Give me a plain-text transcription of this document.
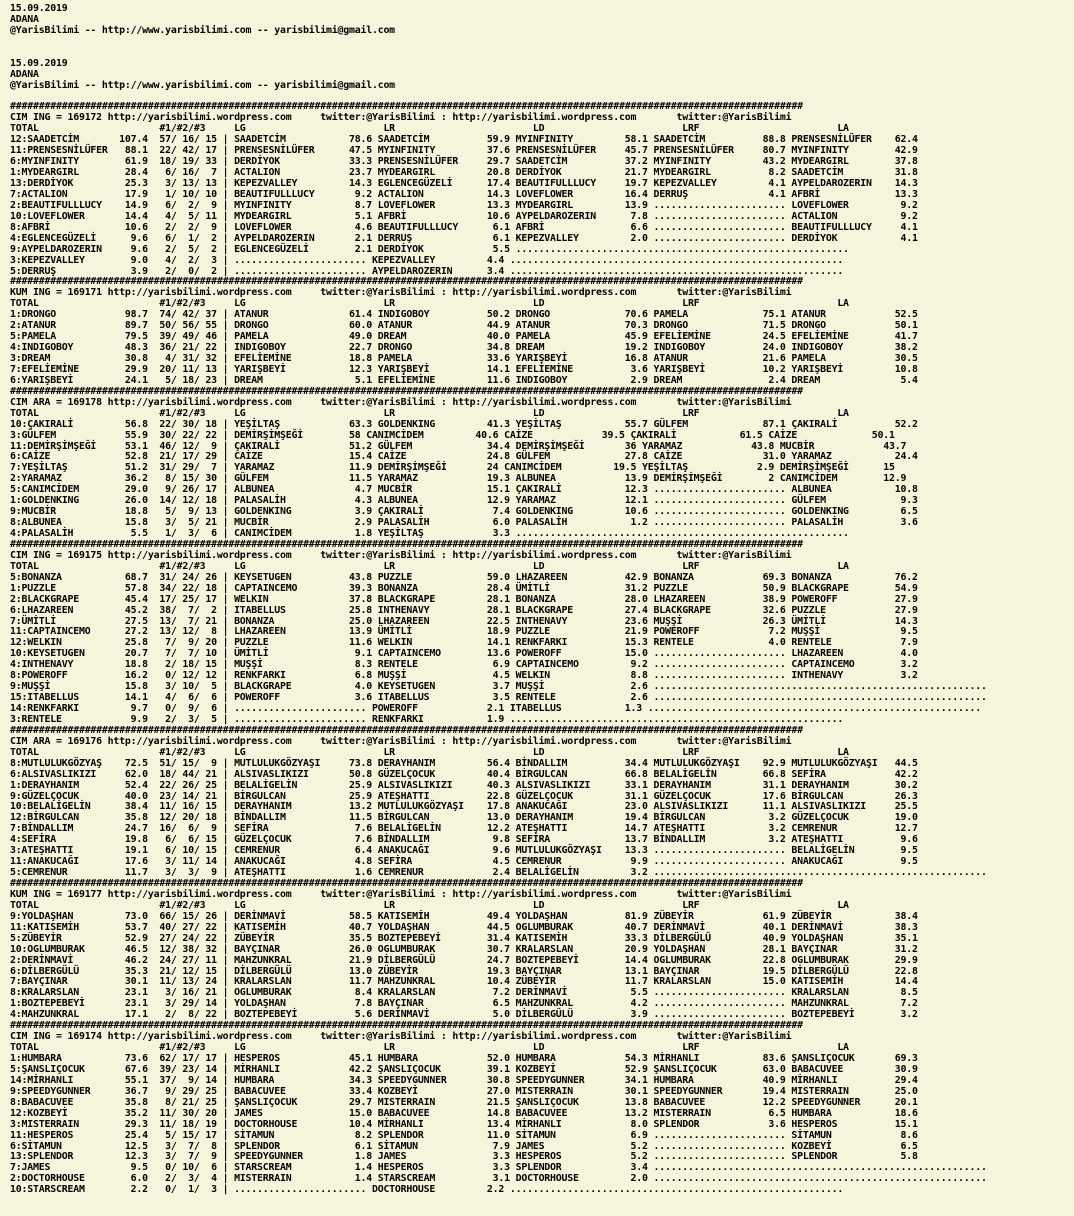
15.09.2019
ADANA
@YarisBilimi -- http://www.yarisbilimi.com -- yarisbilimi@gmail.com
15.09.2019
ADANA
@YarisBilimi -- http://www.yarisbilimi.com -- yarisbilimi@gmail.com
##########################################################################################################################################
CIM ING = 169172 http://yarisbilimi.wordpress.com     twitter:@YarisBilimi : http://yarisbilimi.wordpress.com       twitter:@YarisBilimi
TOTAL                     #1/#2/#3     LG                        LR                        LD                        LRF                        LA
12:SAADETCİM       107.4  57/ 16/ 15 | SAADETCİM           78.6 SAADETCİM          59.9 MYINFINITY         58.1 SAADETCİM          88.8 PRENSESNİLÜFER    62.4
11:PRENSESNİLÜFER   88.1  22/ 42/ 17 | PRENSESNİLÜFER      47.5 MYINFINITY         37.6 PRENSESNİLÜFER     45.7 PRENSESNİLÜFER     80.7 MYINFINITY        42.9
6:MYINFINITY        61.9  18/ 19/ 33 | DERDİYOK            33.3 PRENSESNİLÜFER     29.7 SAADETCİM          37.2 MYINFINITY         43.2 MYDEARGIRL        37.8
1:MYDEARGIRL        28.4   6/ 16/  7 | ACTALION            23.7 MYDEARGIRL         20.8 DERDİYOK           21.7 MYDEARGIRL          8.2 SAADETCİM         31.8
13:DERDİYOK         25.3   3/ 13/ 13 | KEPEZVALLEY         14.3 EGLENCEGÜZELİ      17.4 BEAUTIFULLLUCY     19.7 KEPEZVALLEY         4.1 AYPELDAROZERIN    14.3
7:ACTALION          17.9   1/ 10/ 10 | BEAUTIFULLLUCY       9.2 ACTALION           14.3 LOVEFLOWER         16.4 DERRUŞ              4.1 AFBRİ             13.3
2:BEAUTIFULLLUCY    14.9   6/  2/  9 | MYINFINITY           8.7 LOVEFLOWER         13.3 MYDEARGIRL         13.9 ....................... LOVEFLOWER         9.2
10:LOVEFLOWER       14.4   4/  5/ 11 | MYDEARGIRL           5.1 AFBRİ              10.6 AYPELDAROZERIN      7.8 ....................... ACTALION           9.2
8:AFBRİ             10.6   2/  2/  9 | LOVEFLOWER           4.6 BEAUTIFULLLUCY      6.1 AFBRİ               6.6 ....................... BEAUTIFULLLUCY     4.1
4:EGLENCEGÜZELİ      9.6   6/  1/  2 | AYPELDAROZERIN       2.1 DERRUŞ              6.1 KEPEZVALLEY         2.0 ....................... DERDİYOK           4.1
9:AYPELDAROZERIN     9.6   2/  5/  2 | EGLENCEGÜZELİ        2.1 DERDİYOK            5.5 ..........................................................
3:KEPEZVALLEY        9.0   4/  2/  3 | ....................... KEPEZVALLEY         4.4 ..........................................................
5:DERRUŞ             3.9   2/  0/  2 | ....................... AYPELDAROZERIN      3.4 ..........................................................
##########################################################################################################################################
KUM ING = 169171 http://yarisbilimi.wordpress.com     twitter:@YarisBilimi : http://yarisbilimi.wordpress.com       twitter:@YarisBilimi
TOTAL                     #1/#2/#3     LG                        LR                        LD                        LRF                        LA
1:DRONGO            98.7  74/ 42/ 37 | ATANUR              61.4 INDIGOBOY          50.2 DRONGO             70.6 PAMELA             75.1 ATANUR            52.5
2:ATANUR            89.7  50/ 56/ 55 | DRONGO              60.0 ATANUR             44.9 ATANUR             70.3 DRONGO             71.5 DRONGO            50.1
5:PAMELA            79.5  39/ 49/ 46 | PAMELA              49.0 DREAM              40.0 PAMELA             45.9 EFELİEMİNE         24.5 EFELİEMİNE        41.7
4:INDIGOBOY         48.3  36/ 21/ 22 | INDIGOBOY           22.7 DRONGO             34.8 DREAM              19.2 INDIGOBOY          24.0 INDIGOBOY         38.2
3:DREAM             30.8   4/ 31/ 32 | EFELİEMİNE          18.8 PAMELA             33.6 YARIŞBEYİ          16.8 ATANUR             21.6 PAMELA            30.5
7:EFELİEMİNE        29.9  20/ 11/ 13 | YARIŞBEYİ           12.3 YARIŞBEYİ          14.1 EFELİEMİNE          3.6 YARIŞBEYİ          10.2 YARIŞBEYİ         10.8
6:YARIŞBEYİ         24.1   5/ 18/ 23 | DREAM                5.1 EFELİEMİNE         11.6 INDIGOBOY           2.9 DREAM               2.4 DREAM              5.4
##########################################################################################################################################
CIM ARA = 169178 http://yarisbilimi.wordpress.com     twitter:@YarisBilimi : http://yarisbilimi.wordpress.com       twitter:@YarisBilimi
TOTAL                     #1/#2/#3     LG                        LR                        LD                        LRF                        LA
10:ÇAKIRALİ         56.8  22/ 30/ 18 | YEŞİLTAŞ            63.3 GOLDENKING         41.3 YEŞİLTAŞ           55.7 GÜLFEM             87.1 ÇAKIRALİ          52.2
3:GÜLFEM            55.9  30/ 22/ 22 | DEMİRŞİMŞEĞİ        58 CANIMCİDEM         40.6 CAİZE            39.5 ÇAKIRALİ           61.5 CAİZE             50.1
11:DEMİRŞİMŞEĞİ     53.1  46/ 12/  9 | ÇAKIRALİ            51.2 GÜLFEM             34.4 DEMİRŞİMŞEĞİ       36 YARAMAZ            43.8 MUCBİR            43.7
6:CAİZE             52.8  21/ 17/ 29 | CAİZE               15.4 CAİZE              24.8 GÜLFEM             27.8 CAİZE              31.0 YARAMAZ           24.4
7:YEŞİLTAŞ          51.2  31/ 29/  7 | YARAMAZ             11.9 DEMİRŞİMŞEĞİ       24 CANIMCİDEM         19.5 YEŞİLTAŞ            2.9 DEMİRŞİMŞEĞİ      15
2:YARAMAZ           36.2   8/ 15/ 30 | GÜLFEM              11.5 YARAMAZ            19.3 ALBUNEA            13.9 DEMİRŞİMŞEĞİ        2 CANIMCİDEM        12.9
5:CANIMCİDEM        29.0   9/ 26/ 17 | ALBUNEA              4.7 MUCBİR             15.1 ÇAKIRALİ           12.3 ....................... ALBUNEA           10.8
1:GOLDENKING        26.0  14/ 12/ 18 | PALASALİH            4.3 ALBUNEA            12.9 YARAMAZ            12.1 ....................... GÜLFEM             9.3
9:MUCBİR            18.8   5/  9/ 13 | GOLDENKING           3.9 ÇAKIRALİ            7.4 GOLDENKING         10.6 ....................... GOLDENKING         6.5
8:ALBUNEA           15.8   3/  5/ 21 | MUCBİR               2.9 PALASALİH           6.0 PALASALİH           1.2 ....................... PALASALİH          3.6
4:PALASALİH          5.5   1/  3/  6 | CANIMCİDEM           1.8 YEŞİLTAŞ            3.3 ..........................................................
##########################################################################################################################################
CIM ING = 169175 http://yarisbilimi.wordpress.com     twitter:@YarisBilimi : http://yarisbilimi.wordpress.com       twitter:@YarisBilimi
TOTAL                     #1/#2/#3     LG                        LR                        LD                        LRF                        LA
5:BONANZA           68.7  31/ 24/ 26 | KEYSETUGEN          43.8 PUZZLE             59.0 LHAZAREEN          42.9 BONANZA            69.3 BONANZA           76.2
1:PUZZLE            57.8  34/ 22/ 18 | CAPTAINCEMO         39.3 BONANZA            28.4 ÜMİTLİ             31.2 PUZZLE             50.9 BLACKGRAPE        54.9
2:BLACKGRAPE        45.4  17/ 25/ 17 | WELKIN              37.8 BLACKGRAPE         28.1 BONANZA            28.0 LHAZAREEN          38.9 POWEROFF          27.9
6:LHAZAREEN         45.2  38/  7/  2 | ITABELLUS           25.8 INTHENAVY          28.1 BLACKGRAPE         27.4 BLACKGRAPE         32.6 PUZZLE            27.9
7:ÜMİTLİ            27.5  13/  7/ 21 | BONANZA             25.0 LHAZAREEN          22.5 INTHENAVY          23.6 MUŞŞİ              26.3 ÜMİTLİ            14.3
11:CAPTAINCEMO      27.2  13/ 12/  8 | LHAZAREEN           13.9 ÜMİTLİ             18.9 PUZZLE             21.9 POWEROFF            7.2 MUŞŞİ              9.5
12:WELKIN           25.8   7/  9/ 20 | PUZZLE              11.6 WELKIN             14.1 RENKFARKI          15.3 RENTELE             4.0 RENTELE            7.9
10:KEYSETUGEN       20.7   7/  7/ 10 | ÜMİTLİ               9.1 CAPTAINCEMO        13.6 POWEROFF           15.0 ....................... LHAZAREEN          4.0
4:INTHENAVY         18.8   2/ 18/ 15 | MUŞŞİ                8.3 RENTELE             6.9 CAPTAINCEMO         9.2 ....................... CAPTAINCEMO        3.2
8:POWEROFF          16.2   0/ 12/ 12 | RENKFARKI            6.8 MUŞŞİ               4.5 WELKIN              8.8 ....................... INTHENAVY          3.2
9:MUŞŞİ             15.8   3/ 10/  5 | BLACKGRAPE           4.0 KEYSETUGEN          3.7 MUŞŞİ               2.6 ..........................................................
15:ITABELLUS        14.1   4/  6/  6 | POWEROFF             3.6 ITABELLUS           3.5 RENTELE             2.6 ..........................................................
14:RENKFARKI         9.7   0/  9/  6 | ....................... POWEROFF            2.1 ITABELLUS           1.3 ..........................................................
3:RENTELE            9.9   2/  3/  5 | ....................... RENKFARKI           1.9 ..........................................................
##########################################################################################################################################
CIM ARA = 169176 http://yarisbilimi.wordpress.com     twitter:@YarisBilimi : http://yarisbilimi.wordpress.com       twitter:@YarisBilimi
TOTAL                     #1/#2/#3     LG                        LR                        LD                        LRF                        LA
8:MUTLULUKGÖZYAŞ    72.5  51/ 15/  9 | MUTLULUKGÖZYAŞI     73.8 DERAYHANIM         56.4 BİNDALLIM          34.4 MUTLULUKGÖZYAŞI    92.9 MUTLULUKGÖZYAŞI   44.5
6:ALSIVASLIKIZI     62.0  18/ 44/ 21 | ALSIVASLIKIZI       50.8 GÜZELÇOCUK         40.4 BİRGULCAN          66.8 BELALİGELİN        66.8 SEFİRA            42.2
1:DERAYHANIM        52.4  22/ 26/ 25 | BELALİGELİN         25.9 ALSIVASLIKIZI      40.3 ALSIVASLIKIZI      33.1 DERAYHANIM         31.1 DERAYHANIM        30.2
9:GÜZELÇOCUK        40.0  23/ 14/ 21 | BİRGULCAN           25.9 ATEŞHATTI          22.8 GÜZELÇOCUK         31.1 GÜZELÇOCUK         17.6 BİRGULCAN         26.3
10:BELALİGELİN      38.4  11/ 16/ 15 | DERAYHANIM          13.2 MUTLULUKGÖZYAŞI    17.8 ANAKUCAĞI          23.0 ALSIVASLIKIZI      11.1 ALSIVASLIKIZI     25.5
12:BİRGULCAN        35.8  12/ 20/ 18 | BİNDALLIM           11.5 BİRGULCAN          13.0 DERAYHANIM         19.4 BİRGULCAN           3.2 GÜZELÇOCUK        19.0
7:BİNDALLIM         24.7  16/  6/  9 | SEFİRA               7.6 BELALİGELİN        12.2 ATEŞHATTI          14.7 ATEŞHATTI           3.2 CEMRENUR          12.7
4:SEFİRA            19.8   6/  6/ 15 | GÜZELÇOCUK           7.6 BİNDALLIM           9.8 SEFİRA             13.7 BİNDALLIM           3.2 ATEŞHATTI          9.6
3:ATEŞHATTI         19.1   6/ 10/ 15 | CEMRENUR             6.4 ANAKUCAĞI           9.6 MUTLULUKGÖZYAŞI    13.3 ....................... BELALİGELİN        9.5
11:ANAKUCAĞI        17.6   3/ 11/ 14 | ANAKUCAĞI            4.8 SEFİRA              4.5 CEMRENUR            9.9 ....................... ANAKUCAĞI          9.5
5:CEMRENUR          11.7   3/  3/  9 | ATEŞHATTI            1.6 CEMRENUR            2.4 BELALİGELİN         3.2 ..........................................................
##########################################################################################################################################
KUM ING = 169177 http://yarisbilimi.wordpress.com     twitter:@YarisBilimi : http://yarisbilimi.wordpress.com       twitter:@YarisBilimi
TOTAL                     #1/#2/#3     LG                        LR                        LD                        LRF                        LA
9:YOLDAŞHAN         73.0  66/ 15/ 26 | DERİNMAVİ           58.5 KATISEMİH          49.4 YOLDAŞHAN          81.9 ZÜBEYİR            61.9 ZÜBEYİR           38.4
11:KATISEMİH        53.7  40/ 27/ 22 | KATISEMİH           40.7 YOLDAŞHAN          44.5 OGLUMBURAK         40.7 DERİNMAVİ          40.1 DERİNMAVİ         38.3
5:ZÜBEYİR           52.9  27/ 24/ 22 | ZÜBEYİR             35.5 BOZTEPEBEYİ        31.4 KATISEMİH          33.3 DİLBERGÜLÜ         40.9 YOLDAŞHAN         35.1
10:OGLUMBURAK       46.5  12/ 38/ 32 | BAYÇINAR            26.0 OGLUMBURAK         30.7 KRALARSLAN         20.9 YOLDAŞHAN          28.1 BAYÇINAR          31.2
2:DERİNMAVİ         46.2  24/ 27/ 11 | MAHZUNKRAL          21.9 DİLBERGÜLÜ         24.7 BOZTEPEBEYİ        14.4 OGLUMBURAK         22.8 OGLUMBURAK        29.9
6:DİLBERGÜLÜ        35.3  21/ 12/ 15 | DİLBERGÜLÜ          13.0 ZÜBEYİR            19.3 BAYÇINAR           13.1 BAYÇINAR           19.5 DİLBERGÜLÜ        22.8
7:BAYÇINAR          30.1  11/ 13/ 24 | KRALARSLAN          11.7 MAHZUNKRAL         10.4 ZÜBEYİR            11.7 KRALARSLAN         15.0 KATISEMİH         14.4
8:KRALARSLAN        23.1   3/ 16/ 21 | OGLUMBURAK           8.4 KRALARSLAN          7.2 DERİNMAVİ           5.5 ....................... KRALARSLAN         8.5
1:BOZTEPEBEYİ       23.1   3/ 29/ 14 | YOLDAŞHAN            7.8 BAYÇINAR            6.5 MAHZUNKRAL          4.2 ....................... MAHZUNKRAL         7.2
4:MAHZUNKRAL        17.1   2/  8/ 22 | BOZTEPEBEYİ          5.6 DERİNMAVİ           5.0 DİLBERGÜLÜ          3.9 ....................... BOZTEPEBEYİ        3.2
##########################################################################################################################################
CIM ING = 169174 http://yarisbilimi.wordpress.com     twitter:@YarisBilimi : http://yarisbilimi.wordpress.com       twitter:@YarisBilimi
TOTAL                     #1/#2/#3     LG                        LR                        LD                        LRF                        LA
1:HUMBARA           73.6  62/ 17/ 17 | HESPEROS            45.1 HUMBARA            52.0 HUMBARA            54.3 MİRHANLI           83.6 ŞANSLIÇOCUK       69.3
5:ŞANSLIÇOCUK       67.6  39/ 23/ 14 | MİRHANLI            42.2 ŞANSLIÇOCUK        39.1 KOZBEYİ            52.9 ŞANSLIÇOCUK        63.0 BABACUVEE         30.9
14:MİRHANLI         55.1  37/  9/ 14 | HUMBARA             34.3 SPEEDYGUNNER       30.8 SPEEDYGUNNER       34.1 HUMBARA            40.9 MİRHANLI          29.4
9:SPEEDYGUNNER      36.7   9/ 29/ 25 | BABACUVEE           33.4 KOZBEYİ            27.0 MISTERRAIN         30.1 SPEEDYGUNNER       19.4 MISTERRAIN        25.0
8:BABACUVEE         35.8   8/ 21/ 25 | ŞANSLIÇOCUK         29.7 MISTERRAIN         21.5 ŞANSLIÇOCUK        13.8 BABACUVEE          12.2 SPEEDYGUNNER      20.1
12:KOZBEYİ          35.2  11/ 30/ 20 | JAMES               15.0 BABACUVEE          14.8 BABACUVEE          13.2 MISTERRAIN          6.5 HUMBARA           18.6
3:MISTERRAIN        29.3  11/ 18/ 19 | DOCTORHOUSE         10.4 MİRHANLI           13.4 MİRHANLI            8.0 SPLENDOR            3.6 HESPEROS          15.1
11:HESPEROS         25.4   5/ 15/ 17 | SİTAMUN              8.2 SPLENDOR           11.0 SİTAMUN             6.9 ....................... SİTAMUN            8.6
6:SİTAMUN           12.5   3/  7/  8 | SPLENDOR             6.1 SİTAMUN             7.9 JAMES               5.2 ....................... KOZBEYİ            6.5
13:SPLENDOR         12.3   3/  7/  9 | SPEEDYGUNNER         1.8 JAMES               3.3 HESPEROS            5.2 ....................... SPLENDOR           5.8
7:JAMES              9.5   0/ 10/  6 | STARSCREAM           1.4 HESPEROS            3.3 SPLENDOR            3.4 ..........................................................
2:DOCTORHOUSE        6.0   2/  3/  4 | MISTERRAIN           1.4 STARSCREAM          3.1 DOCTORHOUSE         2.0 ..........................................................
10:STARSCREAM        2.2   0/  1/  3 | ....................... DOCTORHOUSE         2.2 ..........................................................
